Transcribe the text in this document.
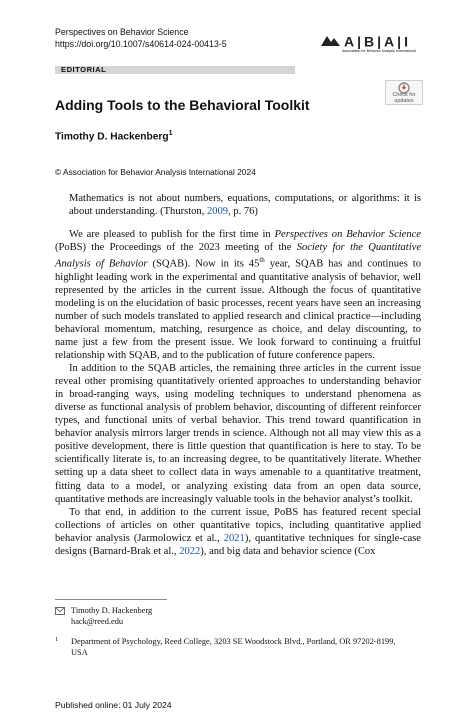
Perspectives on Behavior Science
https://doi.org/10.1007/s40614-024-00413-5	A|B|A|I
Association for Behavior Analysis International
EDITORIAL
Check for
updates
Adding Tools to the Behavioral Toolkit
Timothy D. Hackenberg$^1$
© Association for Behavior Analysis International 2024

Mathematics is not about numbers, equations, computations, or algorithms: it is about understanding. (Thurston, 2009, p. 76)

We are pleased to publish for the first time in Perspectives on Behavior Science (PoBS) the Proceedings of the 2023 meeting of the Society for the Quantitative Analysis of Behavior (SQAB). Now in its 45th year, SQAB has and continues to highlight leading work in the experimental and quantitative analysis of behavior, well represented by the articles in the current issue. Although the focus of quantitative modeling is on the elucidation of basic processes, recent years have seen an increasing number of such models translated to applied research and clinical practice—including behavioral momentum, matching, resurgence as choice, and delay discounting, to name just a few from the present issue. We look forward to continuing a fruitful relationship with SQAB, and to the publication of future conference papers.

In addition to the SQAB articles, the remaining three articles in the current issue reveal other promising quantitatively oriented approaches to understanding behavior in broad-ranging ways, using modeling techniques to understand phenomena as diverse as functional analysis of problem behavior, discounting of different reinforcer types, and functional units of verbal behavior. This trend toward quantification in behavior analysis mirrors larger trends in science. Although not all may view this as a positive development, there is little question that quantification is here to stay. To be scientifically literate is, to an increasing degree, to be quantitatively literate. Whether setting up a data sheet to collect data in ways amenable to a quantitative treatment, fitting data to a model, or analyzing existing data from an open data source, quantitative methods are increasingly valuable tools in the behavior analyst’s toolkit.

To that end, in addition to the current issue, PoBS has featured recent special collections of articles on other quantitative topics, including quantitative applied behavior analysis (Jarmolowicz et al., 2021), quantitative techniques for single-case designs (Barnard-Brak et al., 2022), and big data and behavior science (Cox

Timothy D. Hackenberg
hack@reed.edu
1 Department of Psychology, Reed College, 3203 SE Woodstock Blvd., Portland, OR 97202-8199, USA
Published online: 01 July 2024
